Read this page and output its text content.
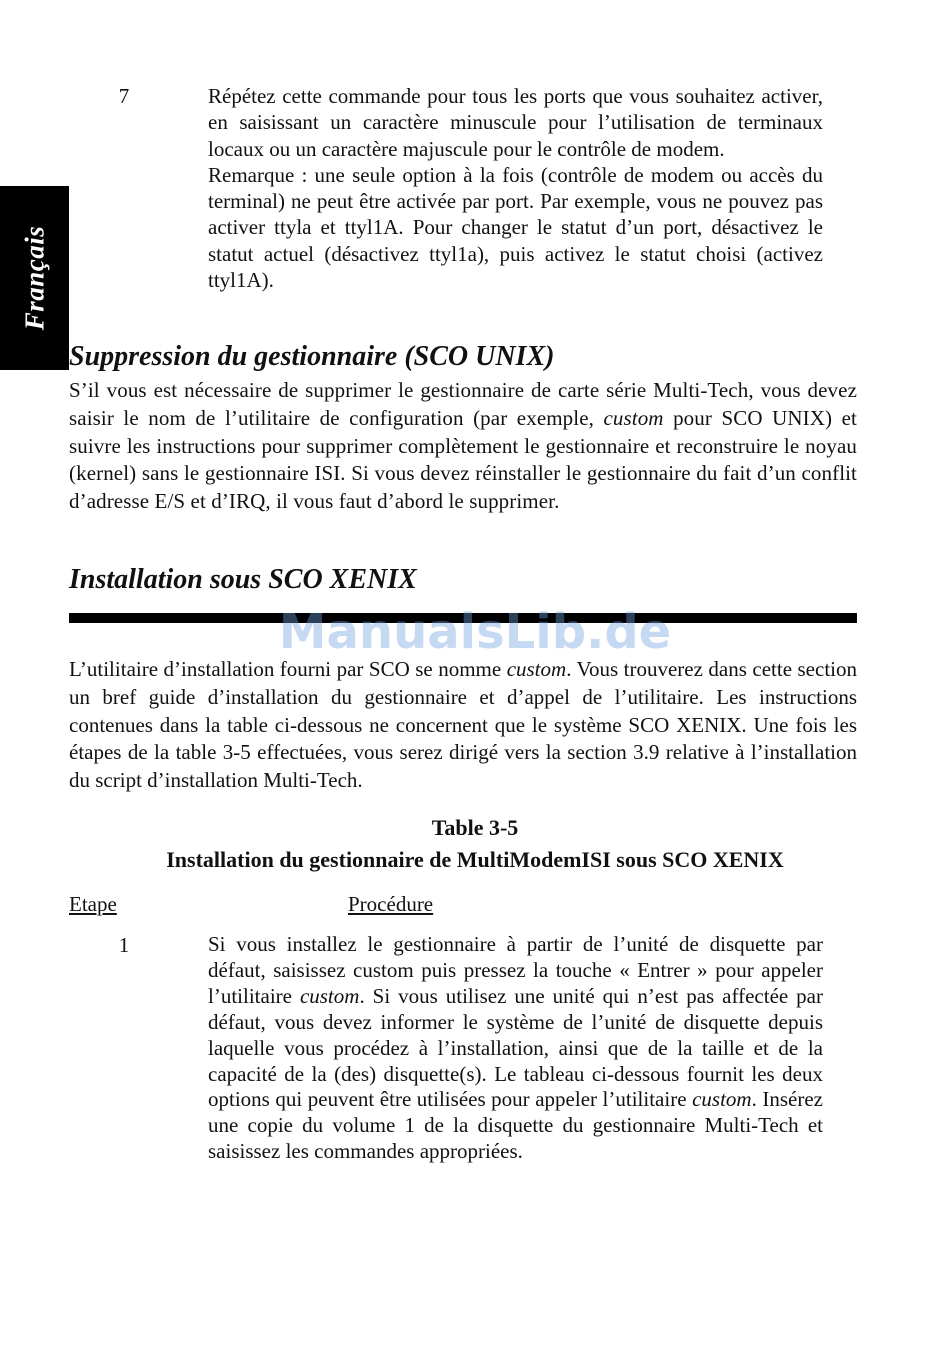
Français
7	Répétez cette commande pour tous les ports que vous souhaitez activer, en saisissant un caractère minuscule pour l’utilisation de terminaux locaux ou un caractère majuscule pour le contrôle de modem.

Remarque : une seule option à la fois (contrôle de modem ou accès du terminal) ne peut être activée par port. Par exemple, vous ne pouvez pas activer ttyla et ttyl1A. Pour changer le statut d’un port, désactivez le statut actuel (désactivez ttyl1a), puis activez le statut choisi (activez ttyl1A).

Suppression du gestionnaire (SCO UNIX)

S’il vous est nécessaire de supprimer le gestionnaire de carte série Multi-Tech, vous devez saisir le nom de l’utilitaire de configuration (par exemple, custom pour SCO UNIX) et suivre les instructions pour supprimer complètement le gestionnaire et reconstruire le noyau (kernel) sans le gestionnaire ISI. Si vous devez réinstaller le gestionnaire du fait d’un conflit d’adresse E/S et d’IRQ, il vous faut d’abord le supprimer.

Installation sous SCO XENIX
ManualsLib.de

L’utilitaire d’installation fourni par SCO se nomme custom. Vous trouverez dans cette section un bref guide d’installation du gestionnaire et d’appel de l’utilitaire. Les instructions contenues dans la table ci-dessous ne concernent que le système SCO XENIX. Une fois les étapes de la table 3-5 effectuées, vous serez dirigé vers la section 3.9 relative à l’installation du script d’installation Multi-Tech.

Table 3-5
Installation du gestionnaire de MultiModemISI sous SCO XENIX
Etape	Procédure
1	Si vous installez le gestionnaire à partir de l’unité de disquette par défaut, saisissez custom puis pressez la touche « Entrer » pour appeler l’utilitaire custom. Si vous utilisez une unité qui n’est pas affectée par défaut, vous devez informer le système de l’unité de disquette depuis laquelle vous procédez à l’installation, ainsi que de la taille et de la capacité de la (des) disquette(s). Le tableau ci-dessous fournit les deux options qui peuvent être utilisées pour appeler l’utilitaire custom. Insérez une copie du volume 1 de la disquette du gestionnaire Multi-Tech et saisissez les commandes appropriées.
